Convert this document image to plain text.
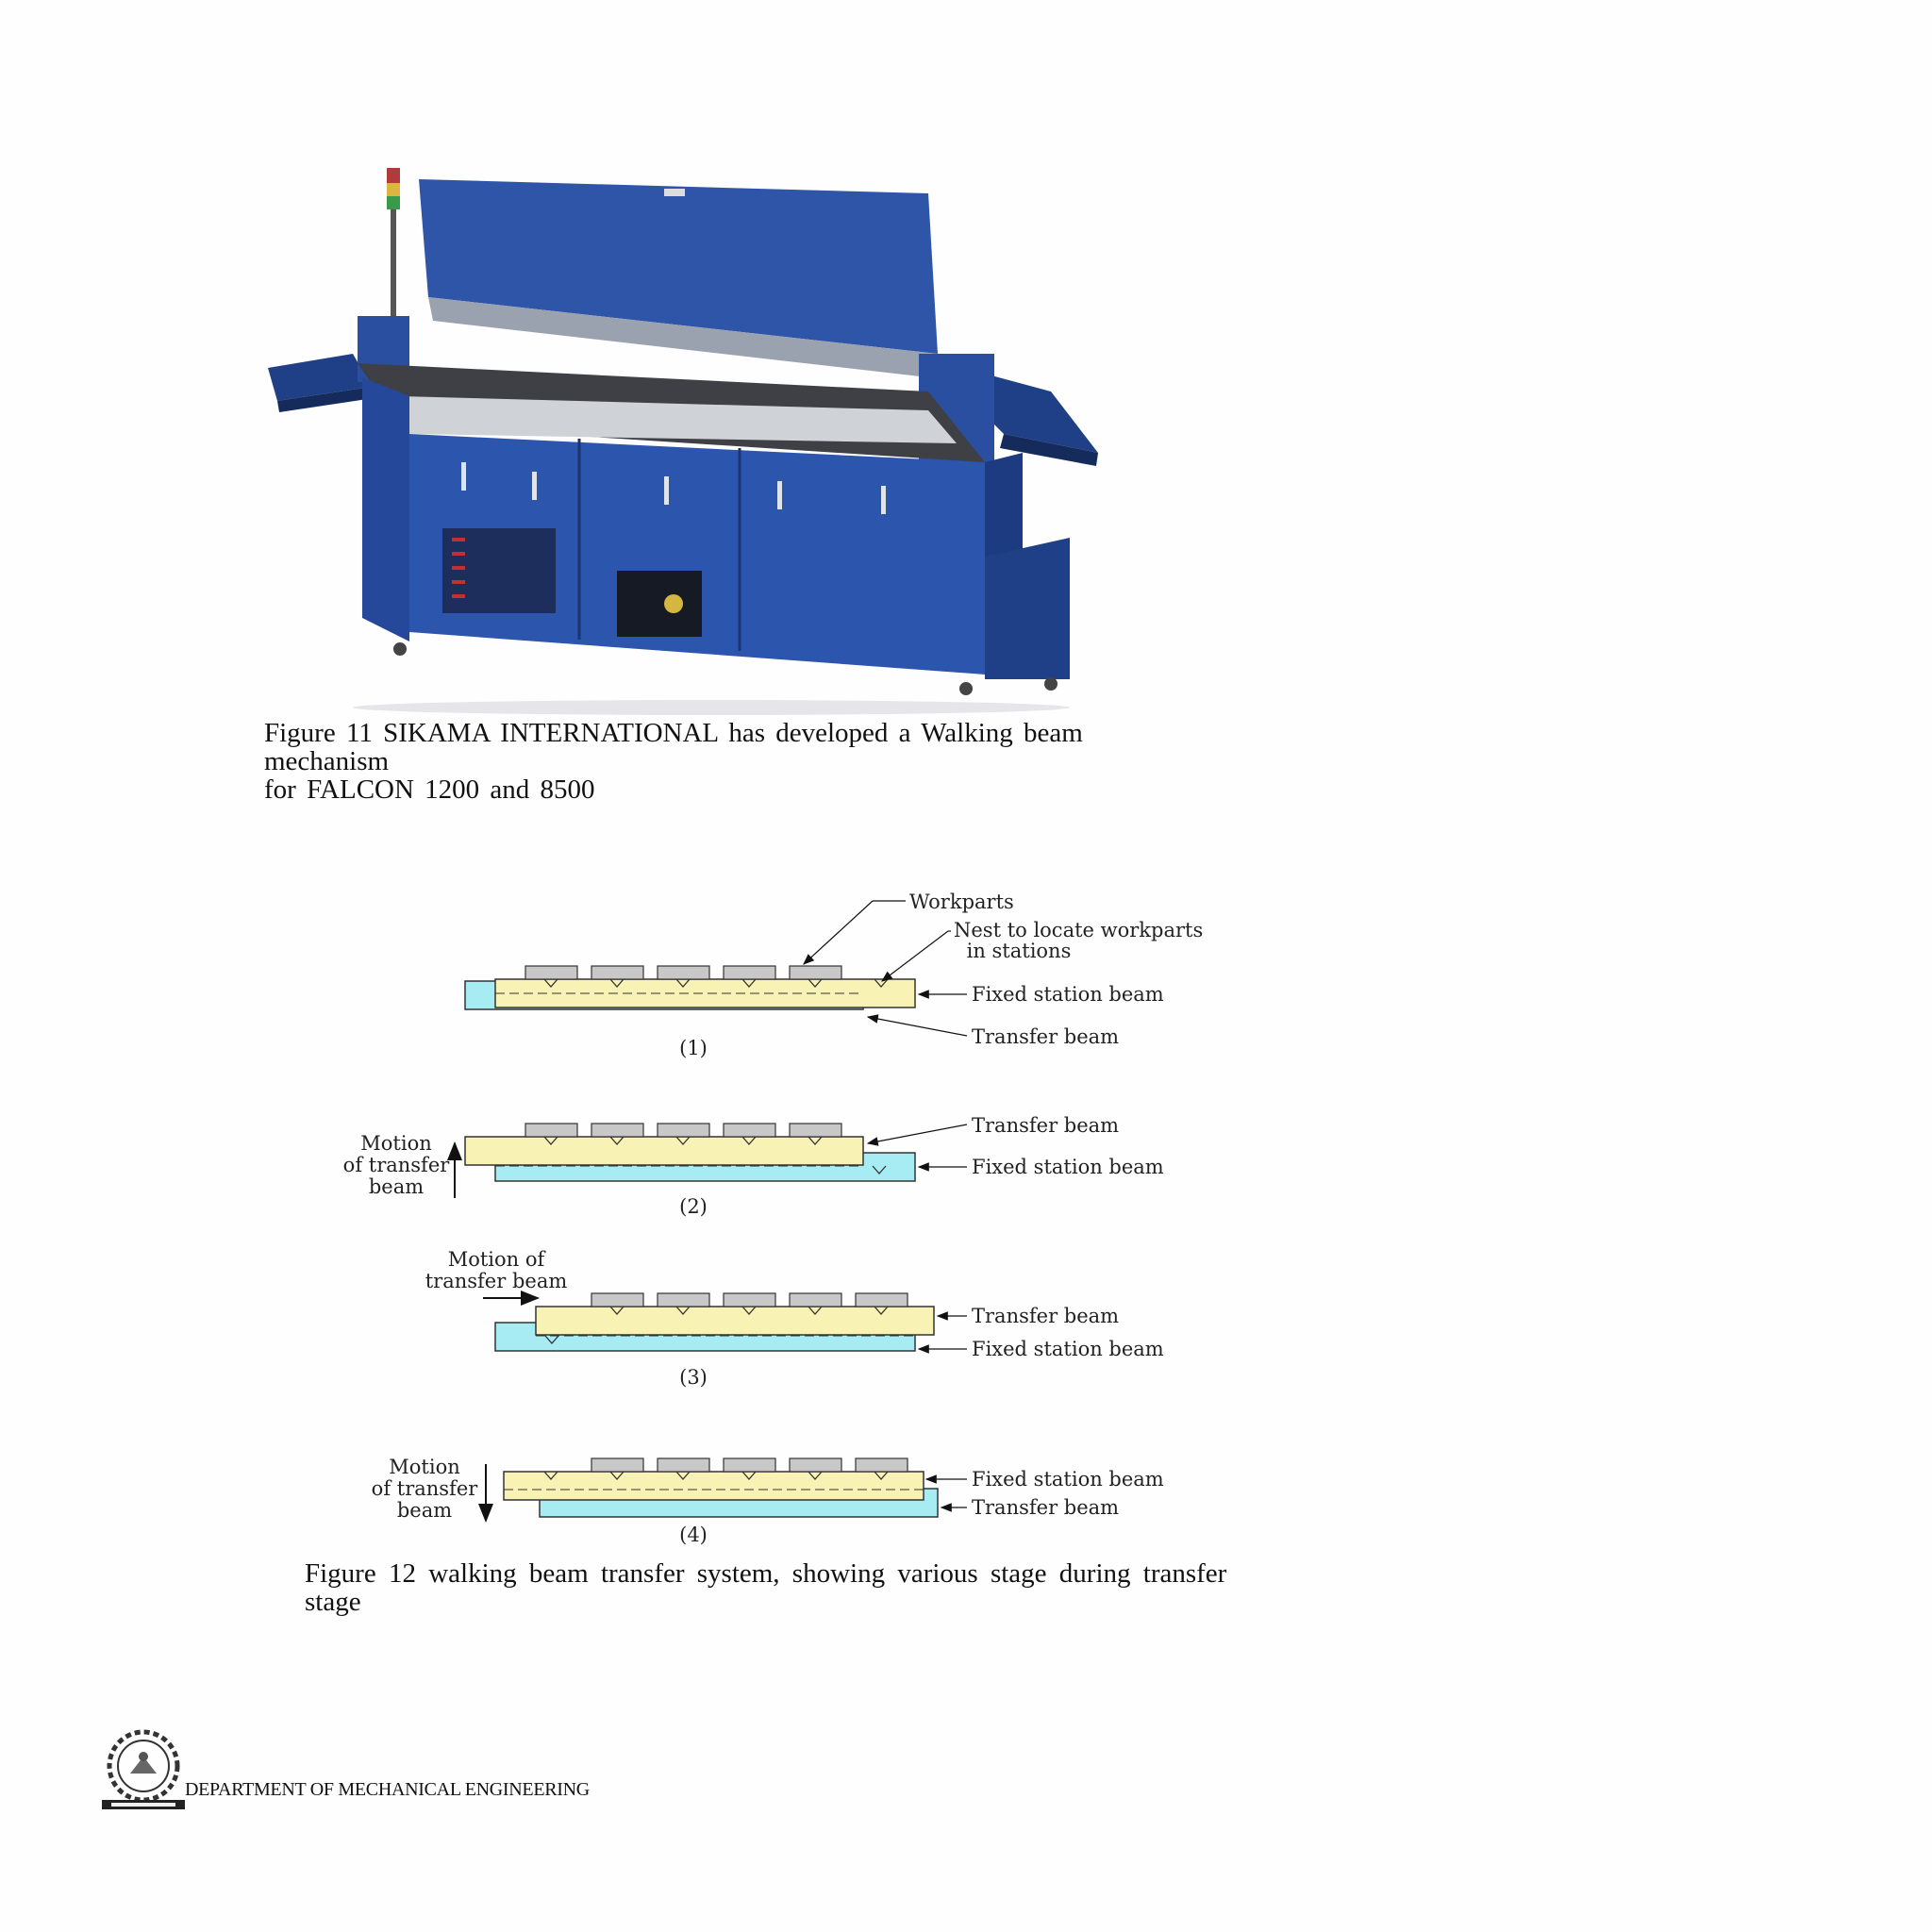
Figure 11 SIKAMA INTERNATIONAL has developed a Walking beam mechanism
for FALCON 1200 and 8500

Workparts
Nest to locate workparts
in stations
Fixed station beam
Transfer beam
(1)
Motion
of transfer
beam
Transfer beam
Fixed station beam
(2)
Motion of
transfer beam
Transfer beam
Fixed station beam
(3)
Motion
of transfer
beam
Fixed station beam
Transfer beam
(4)

Figure 12 walking beam transfer system, showing various stage during transfer stage

DEPARTMENT OF MECHANICAL ENGINEERING
